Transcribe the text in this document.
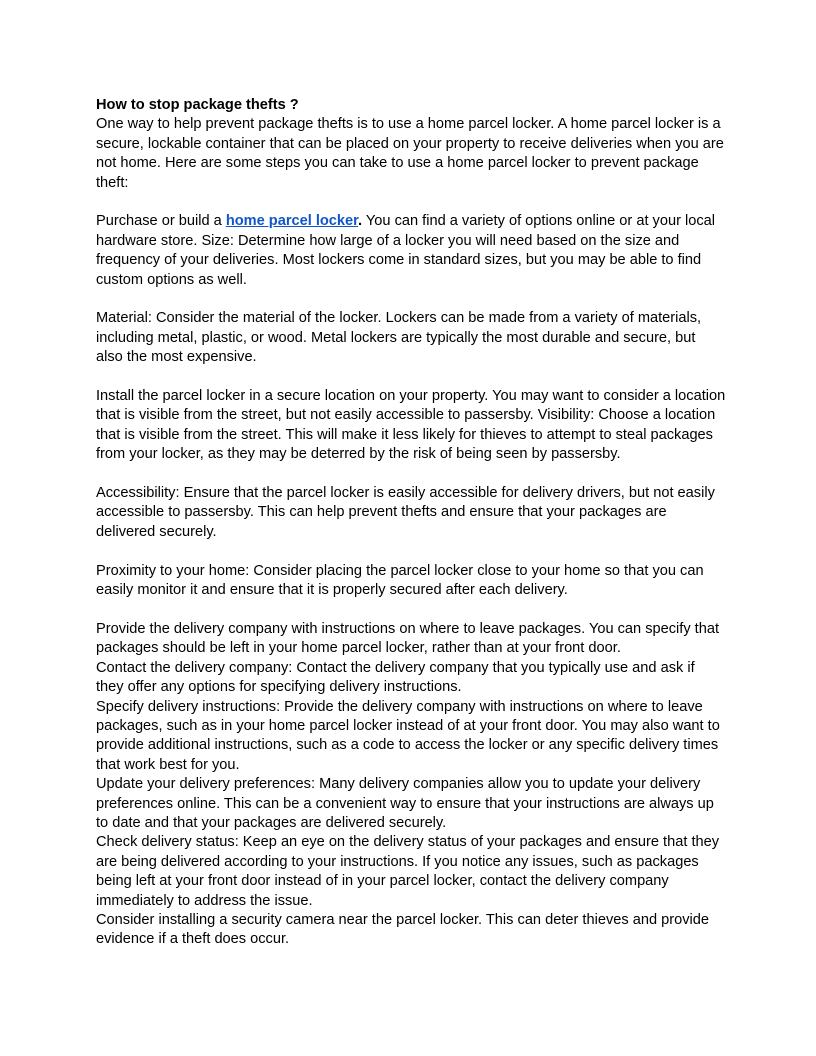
How to stop package thefts ?

One way to help prevent package thefts is to use a home parcel locker. A home parcel locker is a secure, lockable container that can be placed on your property to receive deliveries when you are not home. Here are some steps you can take to use a home parcel locker to prevent package theft:

Purchase or build a home parcel locker. You can find a variety of options online or at your local hardware store. Size: Determine how large of a locker you will need based on the size and frequency of your deliveries. Most lockers come in standard sizes, but you may be able to find custom options as well.

Material: Consider the material of the locker. Lockers can be made from a variety of materials, including metal, plastic, or wood. Metal lockers are typically the most durable and secure, but also the most expensive.

Install the parcel locker in a secure location on your property. You may want to consider a location that is visible from the street, but not easily accessible to passersby. Visibility: Choose a location that is visible from the street. This will make it less likely for thieves to attempt to steal packages from your locker, as they may be deterred by the risk of being seen by passersby.

Accessibility: Ensure that the parcel locker is easily accessible for delivery drivers, but not easily accessible to passersby. This can help prevent thefts and ensure that your packages are delivered securely.

Proximity to your home: Consider placing the parcel locker close to your home so that you can easily monitor it and ensure that it is properly secured after each delivery.

Provide the delivery company with instructions on where to leave packages. You can specify that packages should be left in your home parcel locker, rather than at your front door.

Contact the delivery company: Contact the delivery company that you typically use and ask if they offer any options for specifying delivery instructions.

Specify delivery instructions: Provide the delivery company with instructions on where to leave packages, such as in your home parcel locker instead of at your front door. You may also want to provide additional instructions, such as a code to access the locker or any specific delivery times that work best for you.

Update your delivery preferences: Many delivery companies allow you to update your delivery preferences online. This can be a convenient way to ensure that your instructions are always up to date and that your packages are delivered securely.

Check delivery status: Keep an eye on the delivery status of your packages and ensure that they are being delivered according to your instructions. If you notice any issues, such as packages being left at your front door instead of in your parcel locker, contact the delivery company immediately to address the issue.

Consider installing a security camera near the parcel locker. This can deter thieves and provide evidence if a theft does occur.
